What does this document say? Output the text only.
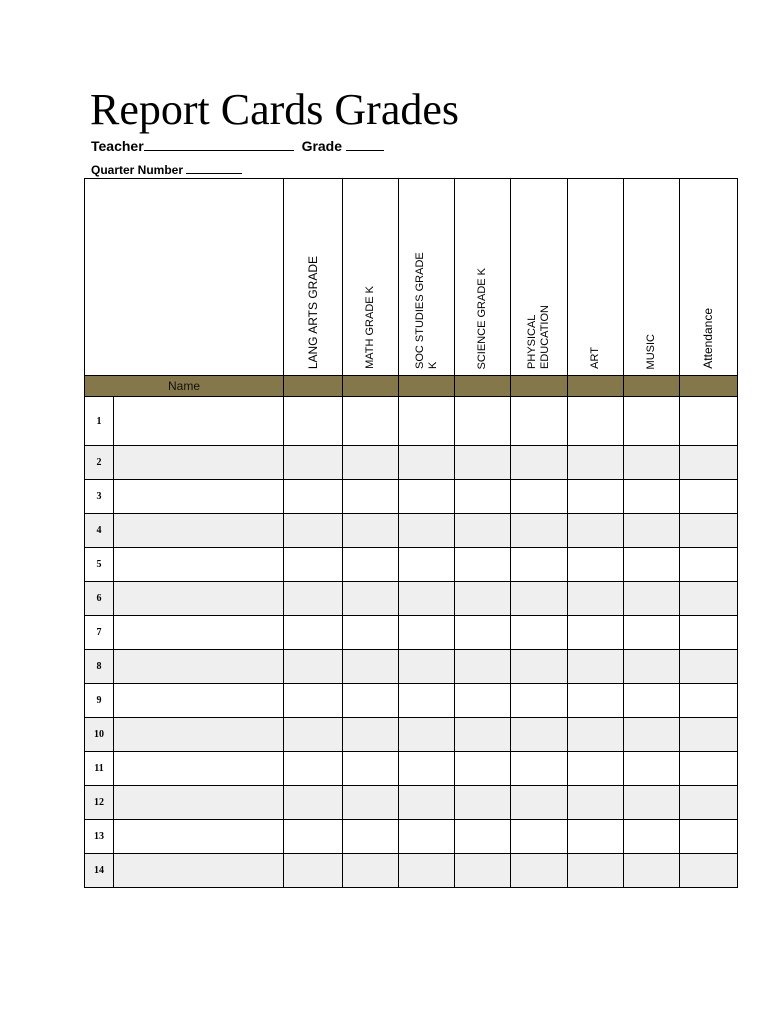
Report Cards Grades
Teacher	Grade
Quarter Number

		LANG ARTS GRADE	MATH GRADE K	SOC STUDIES GRADE K	SCIENCE GRADE K	PHYSICAL EDUCATION	ART	MUSIC	Attendance

Name									

1									
2									
3									
4									
5									
6									
7									
8									
9									
10									
11									
12									
13									
14									
